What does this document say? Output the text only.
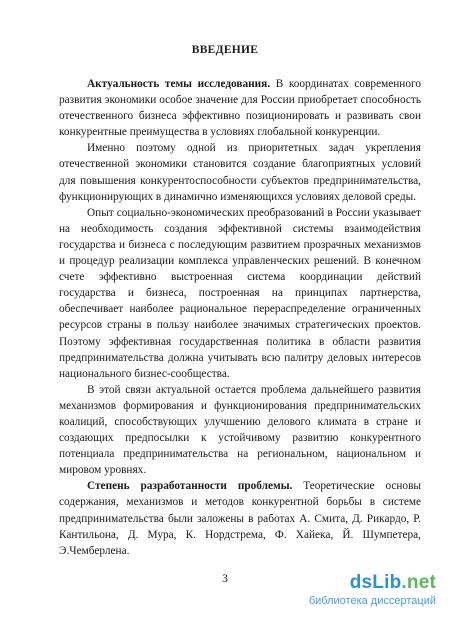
ВВЕДЕНИЕ

Актуальность темы исследования. В координатах современного развития экономики особое значение для России приобретает способность отечественного бизнеса эффективно позиционировать и развивать свои конкурентные преимущества в условиях глобальной конкуренции.

Именно поэтому одной из приоритетных задач укрепления отечественной экономики становится создание благоприятных условий для повышения конкурентоспособности субъектов предпринимательства, функционирующих в динамично изменяющихся условиях деловой среды.

Опыт социально-экономических преобразований в России указывает на необходимость создания эффективной системы взаимодействия государства и бизнеса с последующим развитием прозрачных механизмов и процедур реализации комплекса управленческих решений. В конечном счете эффективно выстроенная система координации действий государства и бизнеса, построенная на принципах партнерства, обеспечивает наиболее рациональное перераспределение ограниченных ресурсов страны в пользу наиболее значимых стратегических проектов. Поэтому эффективная государственная политика в области развития предпринимательства должна учитывать всю палитру деловых интересов национального бизнес-сообщества.

В этой связи актуальной остается проблема дальнейшего развития механизмов формирования и функционирования предпринимательских коалиций, способствующих улучшению делового климата в стране и создающих предпосылки к устойчивому развитию конкурентного потенциала предпринимательства на региональном, национальном и мировом уровнях.

Степень разработанности проблемы. Теоретические основы содержания, механизмов и методов конкурентной борьбы в системе предпринимательства были заложены в работах А. Смита, Д. Рикардо, Р. Кантильона, Д. Мура, К. Нордстрема, Ф. Хайека, Й. Шумпетера, Э.Чемберлена.

3	dsLib.net
библиотека диссертаций
